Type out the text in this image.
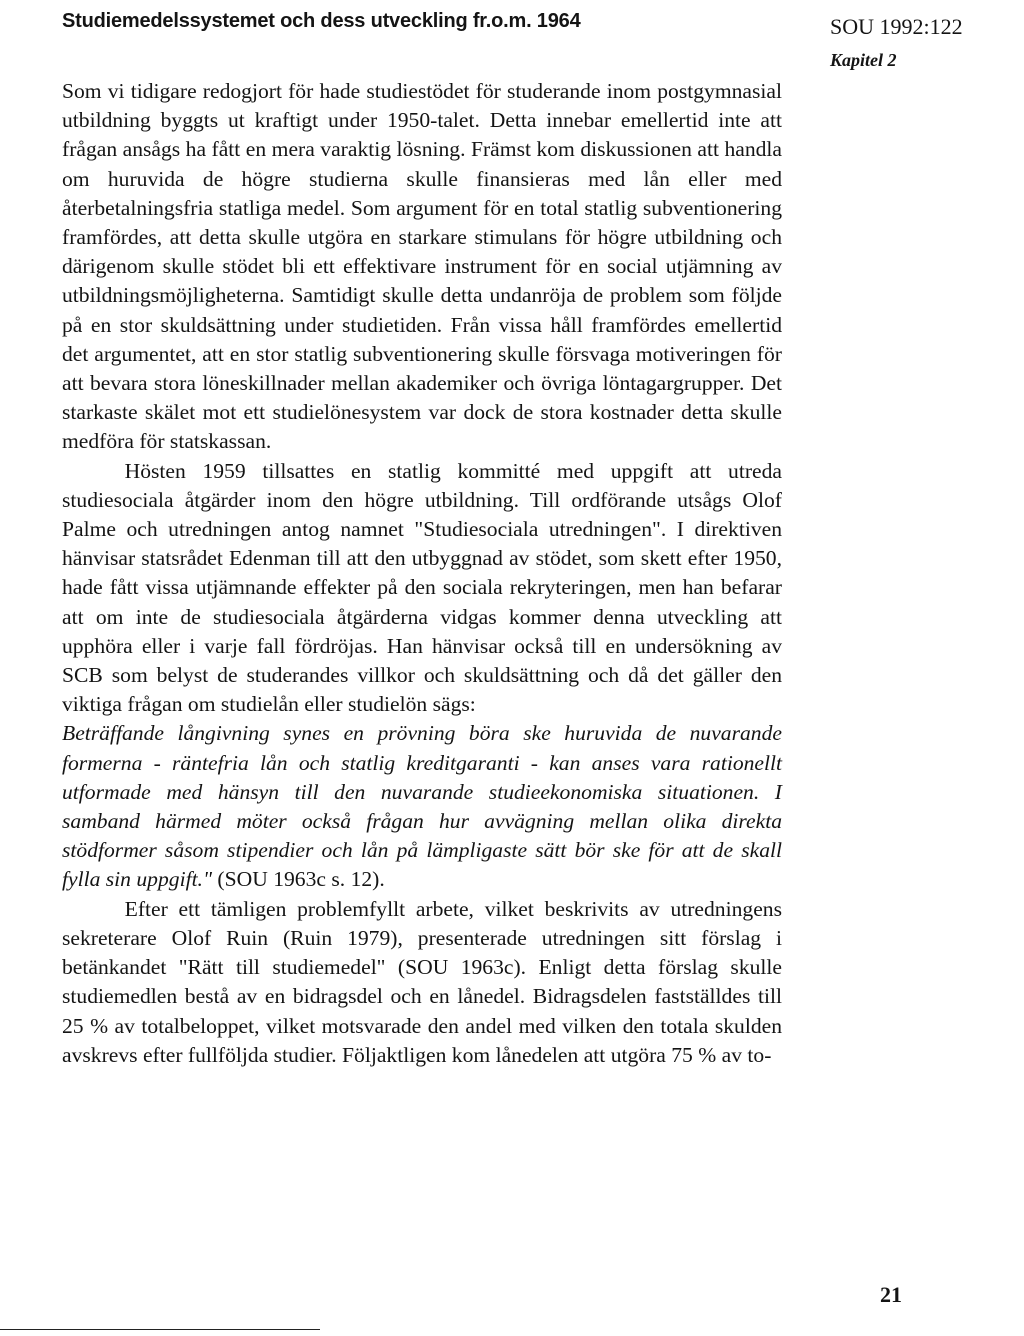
Studiemedelssystemet och dess utveckling fr.o.m. 1964	SOU 1992:122
Kapitel 2

Som vi tidigare redogjort för hade studiestödet för studerande inom postgymnasial utbildning byggts ut kraftigt under 1950-talet. Detta innebar emellertid inte att frågan ansågs ha fått en mera varaktig lösning. Främst kom diskussionen att handla om huruvida de högre studierna skulle finansieras med lån eller med återbetalningsfria statliga medel. Som argument för en total statlig subventionering framfördes, att detta skulle utgöra en starkare stimulans för högre utbildning och därigenom skulle stödet bli ett effektivare instrument för en social utjämning av utbildningsmöjligheterna. Samtidigt skulle detta undanröja de problem som följde på en stor skuldsättning under studietiden. Från vissa håll framfördes emellertid det argumentet, att en stor statlig subventionering skulle försvaga motiveringen för att bevara stora löneskillnader mellan akademiker och övriga löntagargrupper. Det starkaste skälet mot ett studielönesystem var dock de stora kostnader detta skulle medföra för statskassan.

Hösten 1959 tillsattes en statlig kommitté med uppgift att utreda studiesociala åtgärder inom den högre utbildning. Till ordförande utsågs Olof Palme och utredningen antog namnet "Studiesociala utredningen". I direktiven hänvisar statsrådet Edenman till att den utbyggnad av stödet, som skett efter 1950, hade fått vissa utjämnande effekter på den sociala rekryteringen, men han befarar att om inte de studiesociala åtgärderna vidgas kommer denna utveckling att upphöra eller i varje fall fördröjas. Han hänvisar också till en undersökning av SCB som belyst de studerandes villkor och skuldsättning och då det gäller den viktiga frågan om studielån eller studielön sägs:

Beträffande långivning synes en prövning böra ske huruvida de nuvarande formerna - räntefria lån och statlig kreditgaranti - kan anses vara rationellt utformade med hänsyn till den nuvarande studieekonomiska situationen. I samband härmed möter också frågan hur avvägning mellan olika direkta stödformer såsom stipendier och lån på lämpligaste sätt bör ske för att de skall fylla sin uppgift." (SOU 1963c s. 12).

Efter ett tämligen problemfyllt arbete, vilket beskrivits av utredningens sekreterare Olof Ruin (Ruin 1979), presenterade utredningen sitt förslag i betänkandet "Rätt till studiemedel" (SOU 1963c). Enligt detta förslag skulle studiemedlen bestå av en bidragsdel och en lånedel. Bidragsdelen fastställdes till 25 % av totalbeloppet, vilket motsvarade den andel med vilken den totala skulden avskrevs efter fullföljda studier. Följaktligen kom lånedelen att utgöra 75 % av to-

21
